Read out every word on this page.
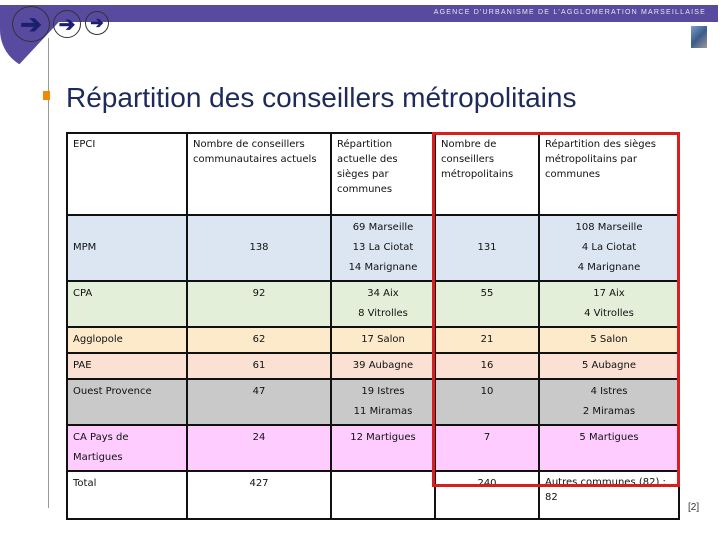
AGENCE D'URBANISME DE L'AGGLOMERATION MARSEILLAISE
➔ ➔ ➔
Répartition des conseillers métropolitains
EPCI	Nombre de conseillers communautaires actuels	Répartition actuelle des sièges par communes	Nombre de conseillers métropolitains	Répartition des sièges métropolitains par communes
MPM	138	69 Marseille
13 La Ciotat
14 Marignane	131	108 Marseille
4 La Ciotat
4 Marignane

CPA	92	34 Aix
8 Vitrolles	55	17 Aix
4 Vitrolles

Agglopole	62	17 Salon	21	5 Salon

PAE	61	39 Aubagne	16	5 Aubagne

Ouest Provence	47	19 Istres
11 Miramas	10	4 Istres
2 Miramas

CA Pays de Martigues	24	12 Martigues	7	5 Martigues

Total	427		240	Autres communes (82) : 82
[2]
